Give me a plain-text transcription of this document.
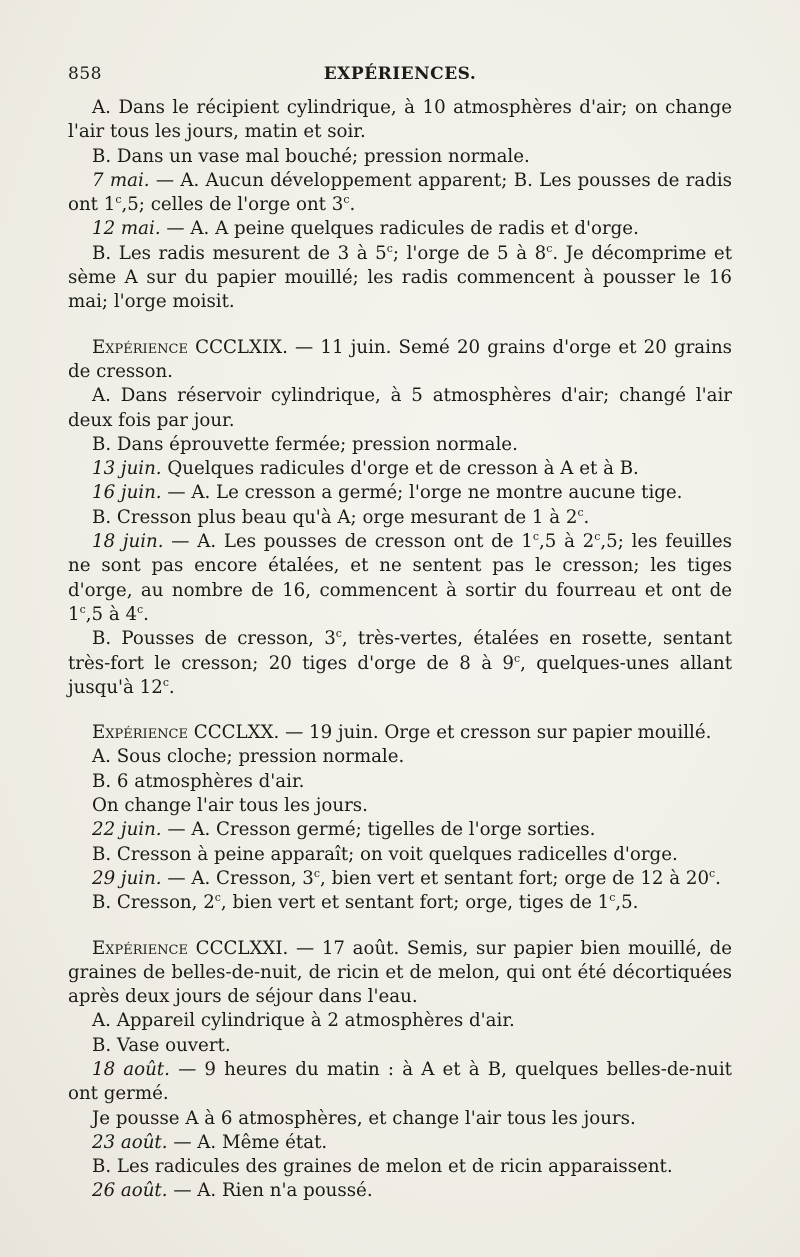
858	EXPÉRIENCES.

A. Dans le récipient cylindrique, à 10 atmosphères d'air; on change l'air tous les jours, matin et soir.

B. Dans un vase mal bouché; pression normale.

7 mai. — A. Aucun développement apparent; B. Les pousses de radis ont 1$^c$,5; celles de l'orge ont 3$^c$.

12 mai. — A. A peine quelques radicules de radis et d'orge.

B. Les radis mesurent de 3 à 5$^c$; l'orge de 5 à 8$^c$. Je décomprime et sème A sur du papier mouillé; les radis commencent à pousser le 16 mai; l'orge moisit.

Expérience CCCLXIX. — 11 juin. Semé 20 grains d'orge et 20 grains de cresson.

A. Dans réservoir cylindrique, à 5 atmosphères d'air; changé l'air deux fois par jour.

B. Dans éprouvette fermée; pression normale.

13 juin. Quelques radicules d'orge et de cresson à A et à B.

16 juin. — A. Le cresson a germé; l'orge ne montre aucune tige.

B. Cresson plus beau qu'à A; orge mesurant de 1 à 2$^c$.

18 juin. — A. Les pousses de cresson ont de 1$^c$,5 à 2$^c$,5; les feuilles ne sont pas encore étalées, et ne sentent pas le cresson; les tiges d'orge, au nombre de 16, commencent à sortir du fourreau et ont de 1$^c$,5 à 4$^c$.

B. Pousses de cresson, 3$^c$, très-vertes, étalées en rosette, sentant très-fort le cresson; 20 tiges d'orge de 8 à 9$^c$, quelques-unes allant jusqu'à 12$^c$.

Expérience CCCLXX. — 19 juin. Orge et cresson sur papier mouillé.

A. Sous cloche; pression normale.

B. 6 atmosphères d'air.

On change l'air tous les jours.

22 juin. — A. Cresson germé; tigelles de l'orge sorties.

B. Cresson à peine apparaît; on voit quelques radicelles d'orge.

29 juin. — A. Cresson, 3$^c$, bien vert et sentant fort; orge de 12 à 20$^c$.

B. Cresson, 2$^c$, bien vert et sentant fort; orge, tiges de 1$^c$,5.

Expérience CCCLXXI. — 17 août. Semis, sur papier bien mouillé, de graines de belles-de-nuit, de ricin et de melon, qui ont été décortiquées après deux jours de séjour dans l'eau.

A. Appareil cylindrique à 2 atmosphères d'air.

B. Vase ouvert.

18 août. — 9 heures du matin : à A et à B, quelques belles-de-nuit ont germé.

Je pousse A à 6 atmosphères, et change l'air tous les jours.

23 août. — A. Même état.

B. Les radicules des graines de melon et de ricin apparaissent.

26 août. — A. Rien n'a poussé.
